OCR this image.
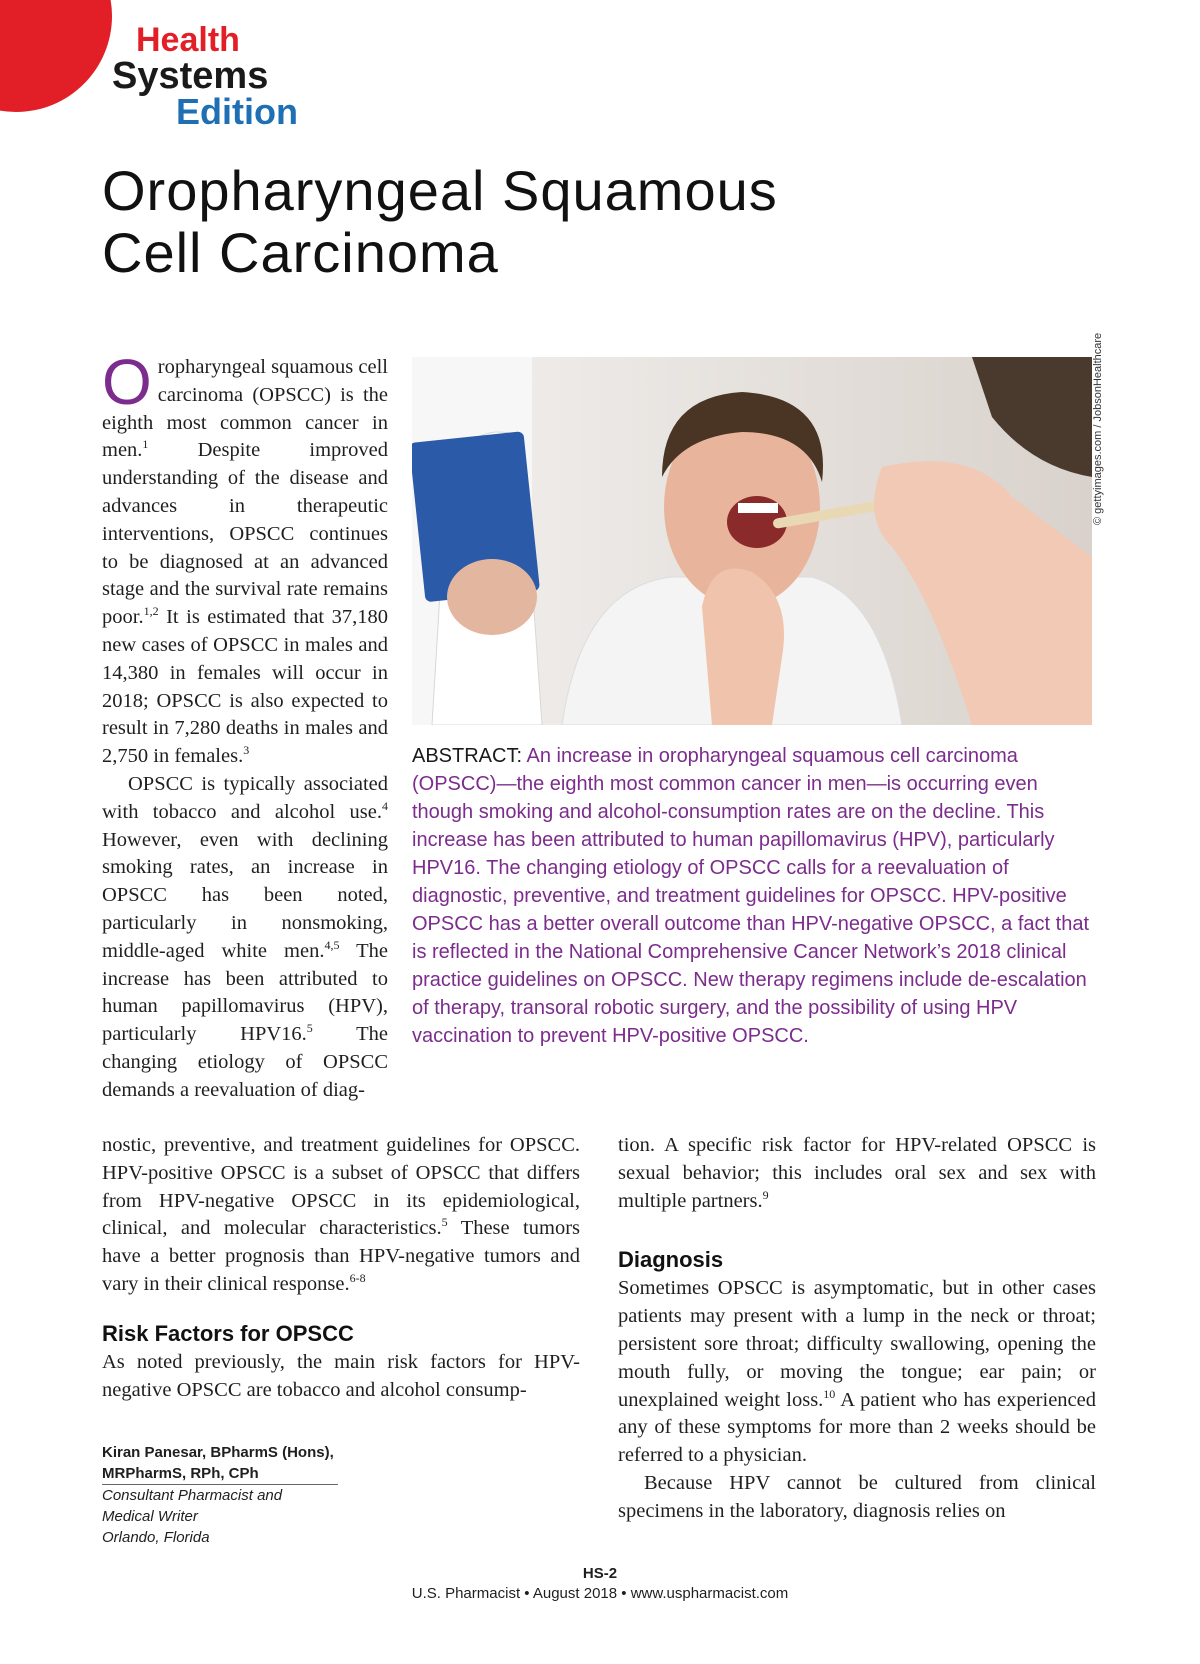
Health
Systems
Edition
Oropharyngeal Squamous
Cell Carcinoma

Oropharyngeal squamous cell carcinoma (OPSCC) is the eighth most common cancer in men.$^1$ Despite improved understanding of the disease and advances in therapeutic interventions, OPSCC continues to be diagnosed at an advanced stage and the survival rate remains poor.$^{1,2}$ It is estimated that 37,180 new cases of OPSCC in males and 14,380 in females will occur in 2018; OPSCC is also expected to result in 7,280 deaths in males and 2,750 in females.$^3$

OPSCC is typically associated with tobacco and alcohol use.$^4$ However, even with declining smoking rates, an increase in OPSCC has been noted, particularly in nonsmoking, middle-aged white men.$^{4,5}$ The increase has been attributed to human papillomavirus (HPV), particularly HPV16.$^5$ The changing etiology of OPSCC demands a reevaluation of diag-

© gettyimages.com / JobsonHealthcare

ABSTRACT: An increase in oropharyngeal squamous cell carcinoma (OPSCC)—the eighth most common cancer in men—is occurring even though smoking and alcohol-consumption rates are on the decline. This increase has been attributed to human papillomavirus (HPV), particularly HPV16. The changing etiology of OPSCC calls for a reevaluation of diagnostic, preventive, and treatment guidelines for OPSCC. HPV-positive OPSCC has a better overall outcome than HPV-negative OPSCC, a fact that is reflected in the National Comprehensive Cancer Network’s 2018 clinical practice guidelines on OPSCC. New therapy regimens include de-escalation of therapy, transoral robotic surgery, and the possibility of using HPV vaccination to prevent HPV-positive OPSCC.

nostic, preventive, and treatment guidelines for OPSCC. HPV-positive OPSCC is a subset of OPSCC that differs from HPV-negative OPSCC in its epidemiological, clinical, and molecular characteristics.$^5$ These tumors have a better prognosis than HPV-negative tumors and vary in their clinical response.$^{6-8}$

Risk Factors for OPSCC

As noted previously, the main risk factors for HPV-negative OPSCC are tobacco and alcohol consump-

tion. A specific risk factor for HPV-related OPSCC is sexual behavior; this includes oral sex and sex with multiple partners.$^9$

Diagnosis

Sometimes OPSCC is asymptomatic, but in other cases patients may present with a lump in the neck or throat; persistent sore throat; difficulty swallowing, opening the mouth fully, or moving the tongue; ear pain; or unexplained weight loss.$^{10}$ A patient who has experienced any of these symptoms for more than 2 weeks should be referred to a physician.

Because HPV cannot be cultured from clinical specimens in the laboratory, diagnosis relies on

Kiran Panesar, BPharmS (Hons),
MRPharmS, RPh, CPh

Consultant Pharmacist and

Medical Writer

Orlando, Florida

HS-2
U.S. Pharmacist • August 2018 • www.uspharmacist.com
